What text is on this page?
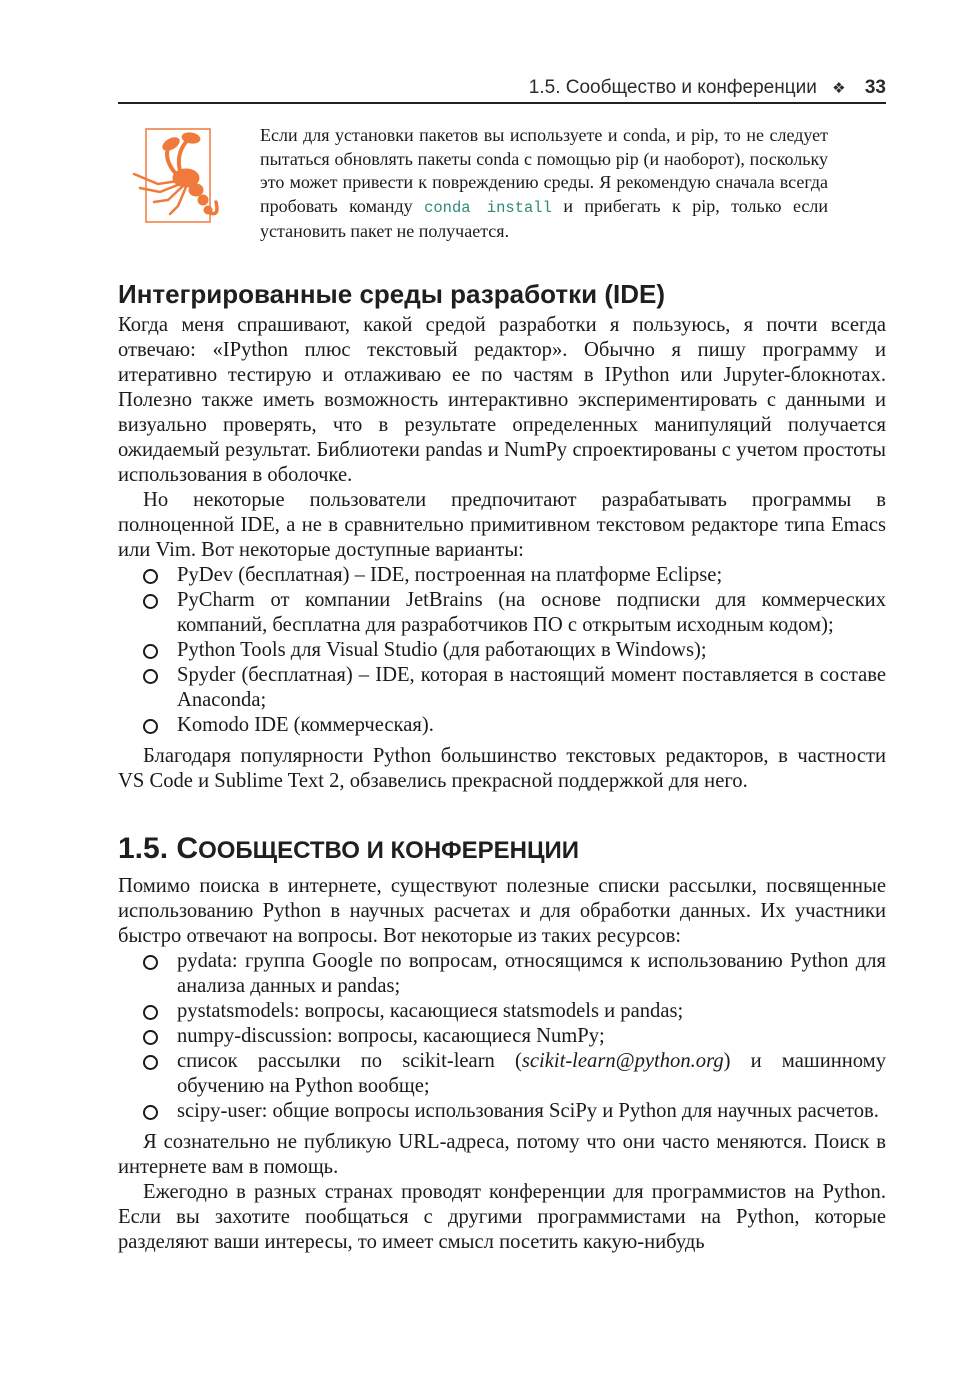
1.5. Сообщество и конференции ❖ 33
Если для установки пакетов вы используете и conda, и pip, то не следует пытаться обновлять пакеты conda с помощью pip (и наоборот), поскольку это может привести к повреждению среды. Я рекомендую сначала всегда пробовать команду conda install и прибегать к pip, только если установить пакет не получается.
Интегрированные среды разработки (IDE)

Когда меня спрашивают, какой средой разработки я пользуюсь, я почти всегда отвечаю: «IPython плюс текстовый редактор». Обычно я пишу программу и итеративно тестирую и отлаживаю ее по частям в IPython или Jupyter-блокнотах. Полезно также иметь возможность интерактивно экспериментировать с данными и визуально проверять, что в результате определенных манипуляций получается ожидаемый результат. Библиотеки pandas и NumPy спроектированы с учетом простоты использования в оболочке.

Но некоторые пользователи предпочитают разрабатывать программы в полноценной IDE, а не в сравнительно примитивном текстовом редакторе типа Emacs или Vim. Вот некоторые доступные варианты:

PyDev (бесплатная) – IDE, построенная на платформе Eclipse;
PyCharm от компании JetBrains (на основе подписки для коммерческих компаний, бесплатна для разработчиков ПО с открытым исходным кодом);
Python Tools для Visual Studio (для работающих в Windows);
Spyder (бесплатная) – IDE, которая в настоящий момент поставляется в составе Anaconda;
Komodo IDE (коммерческая).

Благодаря популярности Python большинство текстовых редакторов, в частности VS Code и Sublime Text 2, обзавелись прекрасной поддержкой для него.

1.5. СООБЩЕСТВО И КОНФЕРЕНЦИИ

Помимо поиска в интернете, существуют полезные списки рассылки, посвященные использованию Python в научных расчетах и для обработки данных. Их участники быстро отвечают на вопросы. Вот некоторые из таких ресурсов:

pydata: группа Google по вопросам, относящимся к использованию Python для анализа данных и pandas;
pystatsmodels: вопросы, касающиеся statsmodels и pandas;
numpy-discussion: вопросы, касающиеся NumPy;
список рассылки по scikit-learn (scikit-learn@python.org) и машинному обучению на Python вообще;
scipy-user: общие вопросы использования SciPy и Python для научных расчетов.

Я сознательно не публикую URL-адреса, потому что они часто меняются. Поиск в интернете вам в помощь.

Ежегодно в разных странах проводят конференции для программистов на Python. Если вы захотите пообщаться с другими программистами на Python, которые разделяют ваши интересы, то имеет смысл посетить какую-нибудь
